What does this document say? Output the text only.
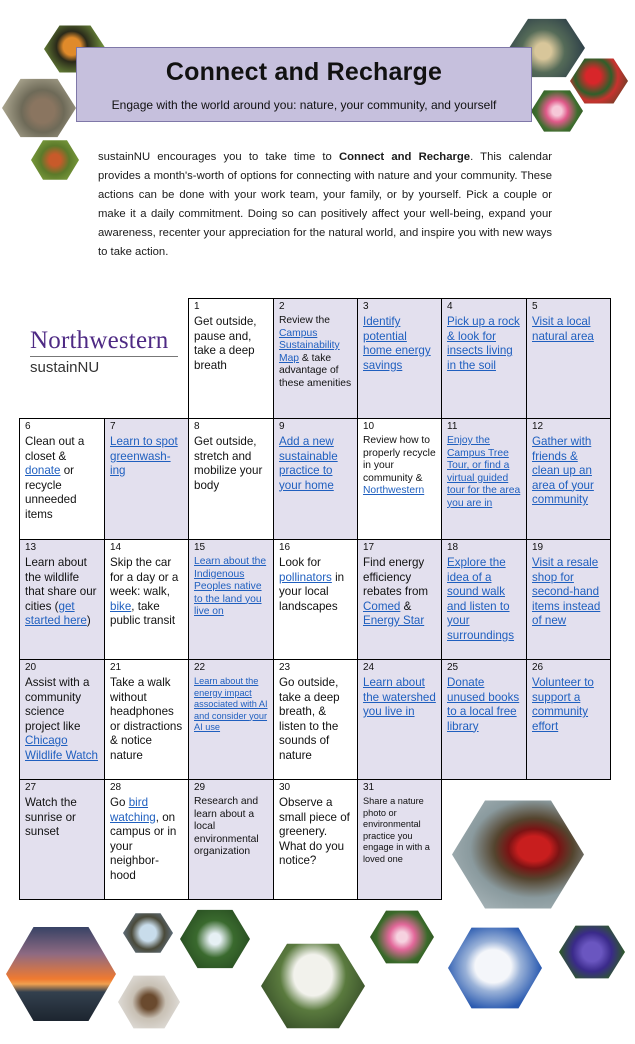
Connect and Recharge

Engage with the world around you: nature, your community, and yourself

sustainNU encourages you to take time to Connect and Recharge. This calendar provides a month's-worth of options for connecting with nature and your community. These actions can be done with your work team, your family, or by yourself. Pick a couple or make it a daily commitment. Doing so can positively affect your well-being, expand your awareness, recenter your appreciation for the natural world, and inspire you with new ways to take action.
Northwestern
sustainNU
1
Get outside, pause and, take a deep breath
2
Review the Campus Sustainability Map & take advantage of these amenities
3
Identify potential home energy savings
4
Pick up a rock & look for insects living in the soil
5
Visit a local natural area
6
Clean out a closet & donate or recycle unneeded items
7
Learn to spot greenwash-ing
8
Get outside, stretch and mobilize your body
9
Add a new sustainable practice to your home
10
Review how to properly recycle in your community & Northwestern
11
Enjoy the Campus Tree Tour, or find a virtual guided tour for the area you are in
12
Gather with friends & clean up an area of your community
13
Learn about the wildlife that share our cities (get started here)
14
Skip the car for a day or a week: walk, bike, take public transit
15
Learn about the Indigenous Peoples native to the land you live on
16
Look for pollinators in your local landscapes
17
Find energy efficiency rebates from Comed & Energy Star
18
Explore the idea of a sound walk and listen to your surroundings
19
Visit a resale shop for second-hand items instead of new
20
Assist with a community science project like Chicago Wildlife Watch
21
Take a walk without headphones or distractions & notice nature
22
Learn about the energy impact associated with AI and consider your AI use
23
Go outside, take a deep breath, & listen to the sounds of nature
24
Learn about the watershed you live in
25
Donate unused books to a local free library
26
Volunteer to support a community effort
27
Watch the sunrise or sunset
28
Go bird watching, on campus or in your neighbor-hood
29
Research and learn about a local environmental organization
30
Observe a small piece of greenery. What do you notice?
31
Share a nature photo or environmental practice you engage in with a loved one
